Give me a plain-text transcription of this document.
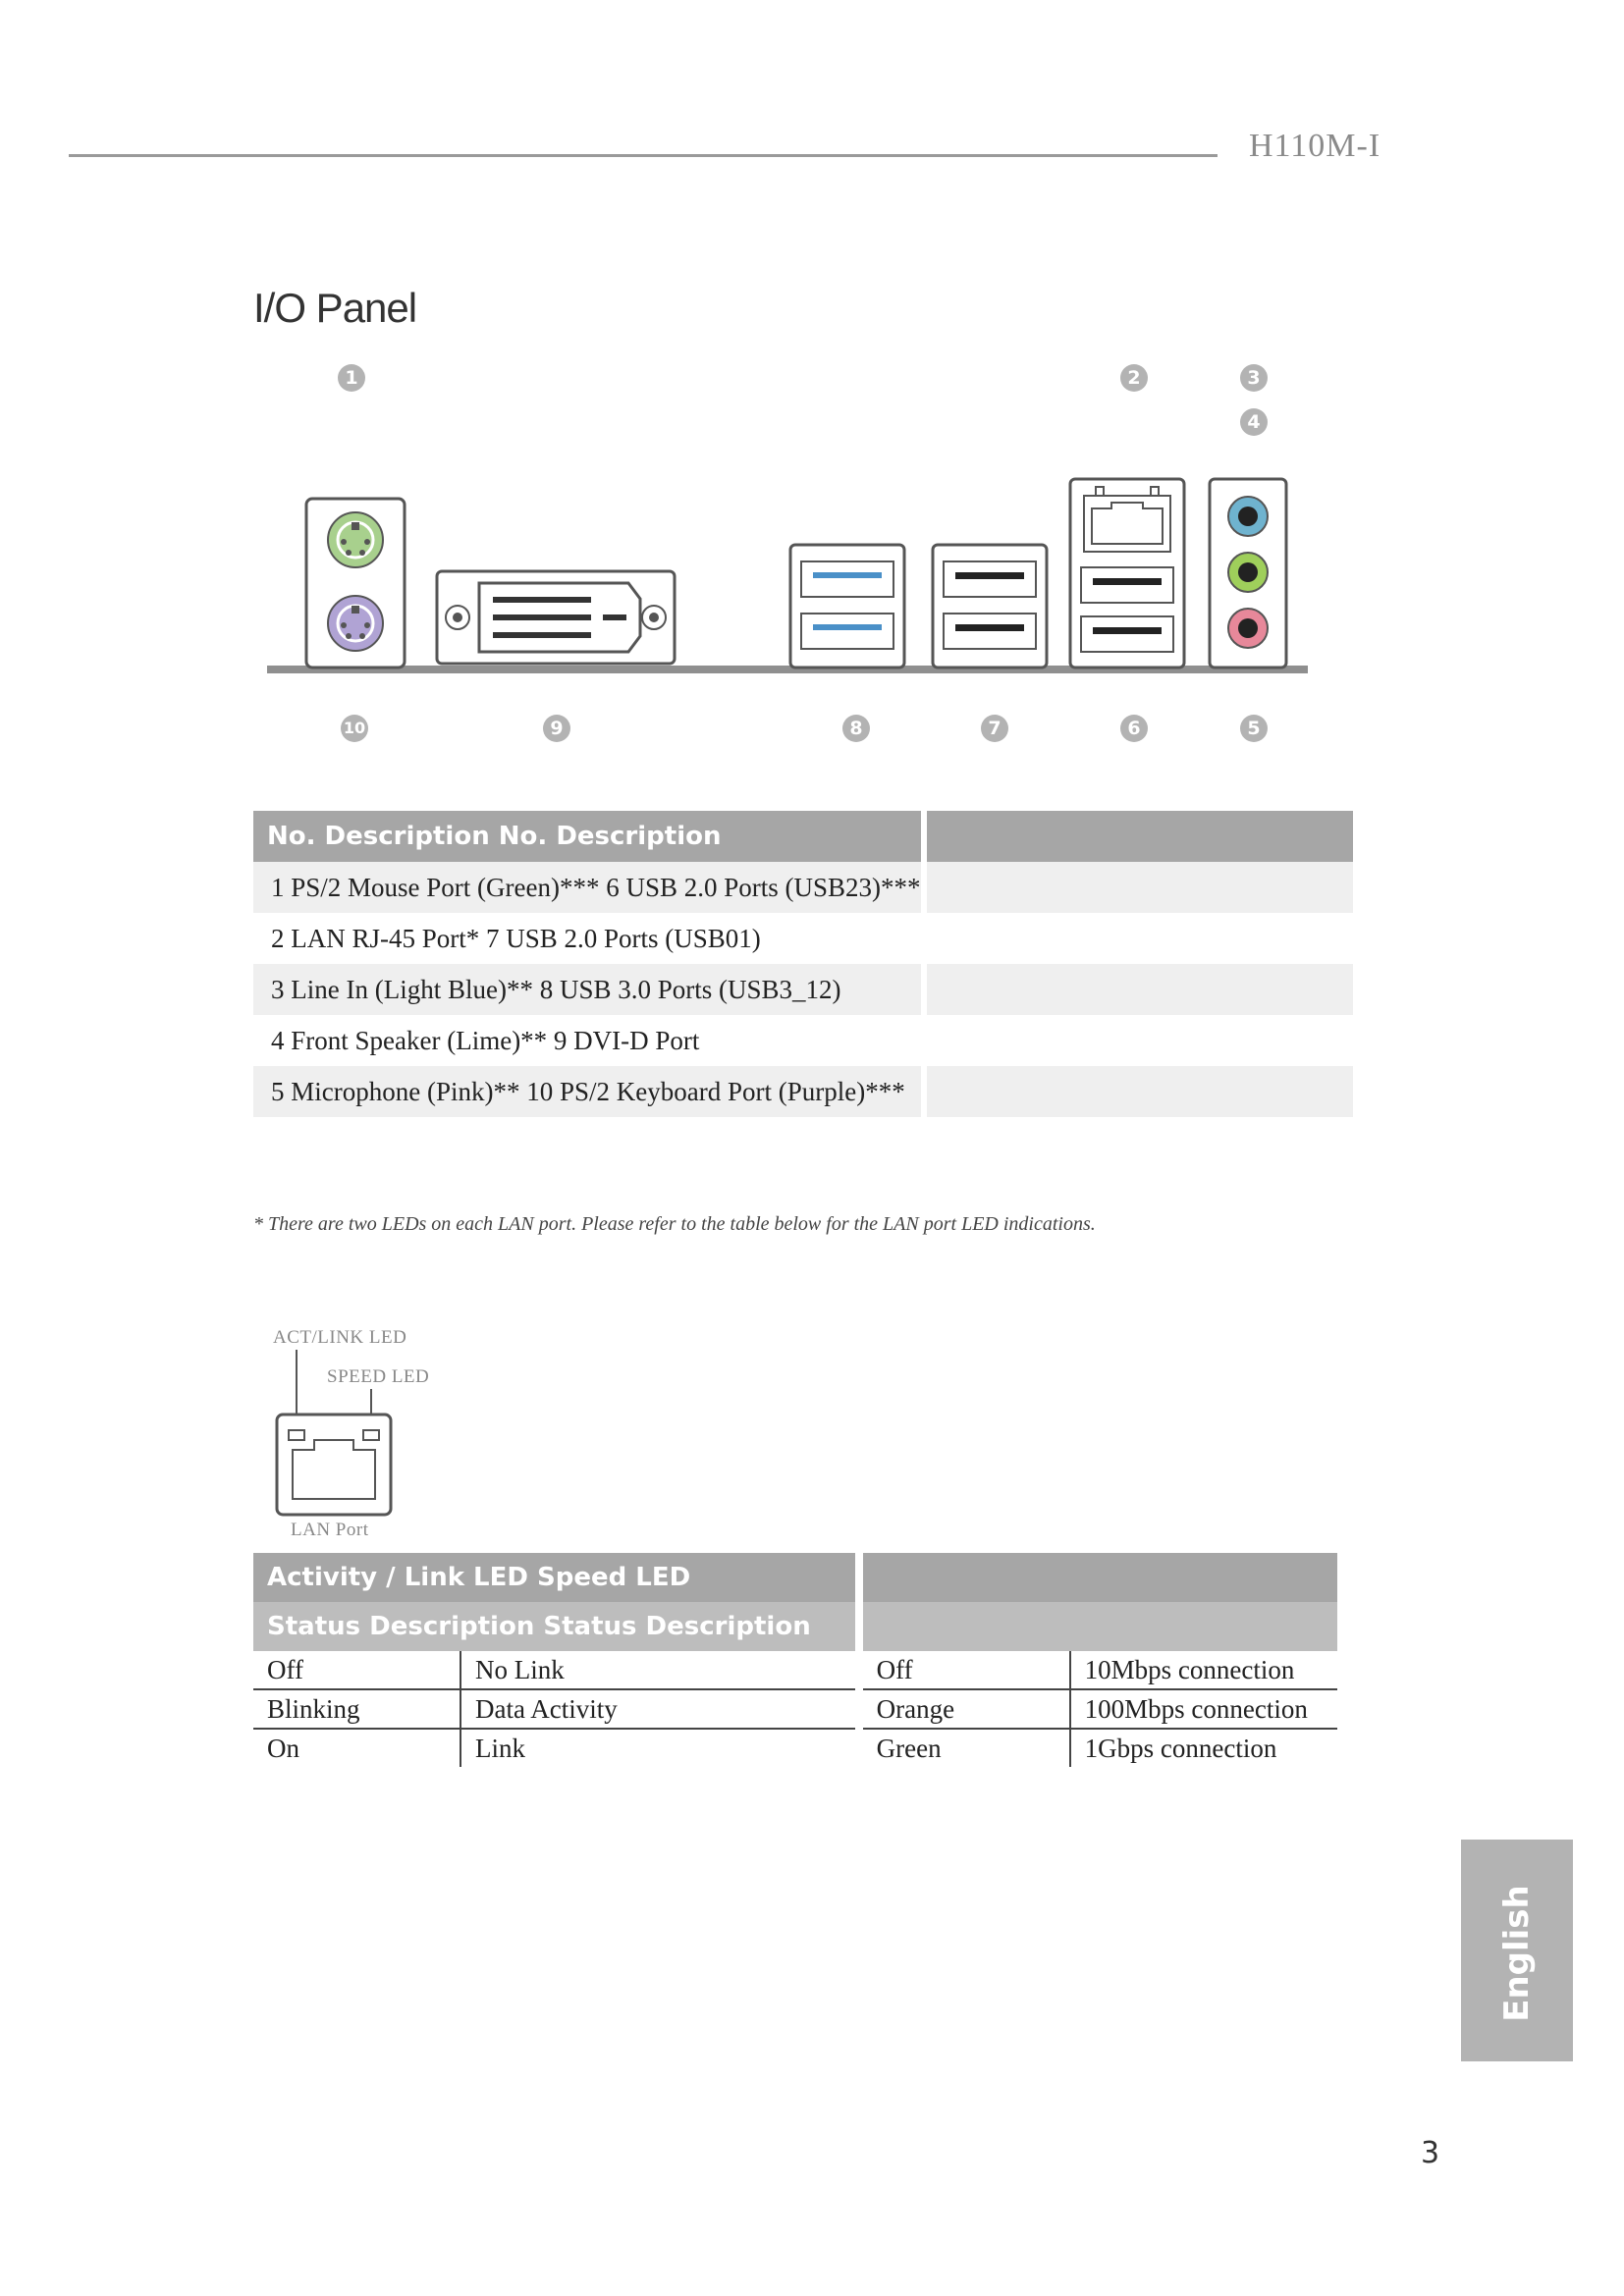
H110M-I
I/O Panel
1	2	3
4
10	9	8	7	6	5
No. Description No. Description	
1 PS/2 Mouse Port (Green)*** 6 USB 2.0 Ports (USB23)***	
2 LAN RJ-45 Port* 7 USB 2.0 Ports (USB01)	
3 Line In (Light Blue)** 8 USB 3.0 Ports (USB3_12)	
4 Front Speaker (Lime)** 9 DVI-D Port	
5 Microphone (Pink)** 10 PS/2 Keyboard Port (Purple)***	
* There are two LEDs on each LAN port. Please refer to the table below for the LAN port LED indications.
ACT/LINK LED
SPEED LED
LAN Port
Activity / Link LED Speed LED			
Status Description Status Description			
Off	No Link	Off	10Mbps connection
Blinking	Data Activity	Orange	100Mbps connection
On	Link	Green	1Gbps connection
English
3
